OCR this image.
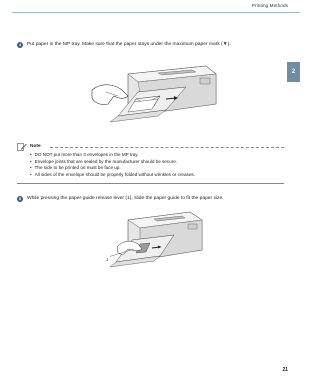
Printing Methods
2
4 Put paper in the MP tray. Make sure that the paper stays under the maximum paper mark (▼).
Note
• DO NOT put more than 3 envelopes in the MP tray.
• Envelope joints that are sealed by the manufacturer should be secure.
• The side to be printed on must be face up.
• All sides of the envelope should be properly folded without wrinkles or creases.
5 While pressing the paper-guide release lever (1), slide the paper guide to fit the paper size.
1
21
